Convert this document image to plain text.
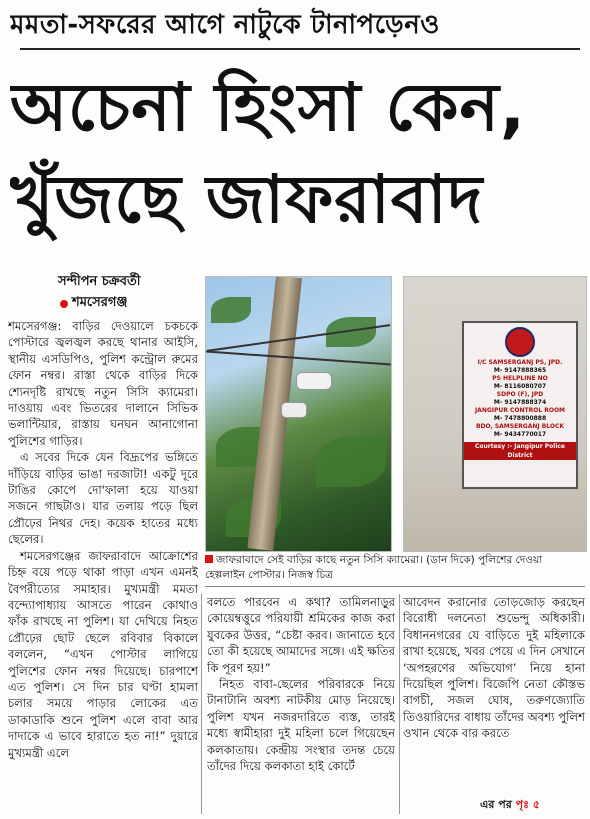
মমতা-সফরের আগে নাটুকে টানাপড়েনও
অচেনা হিংসা কেন,
খুঁজছে জাফরাবাদ
সন্দীপন চক্রবর্তী
শমসেরগঞ্জ

শমসেরগঞ্জ: বাড়ির দেওয়ালে চকচকে পোস্টারে জ্বলজ্বল করছে থানার আইসি, স্থানীয় এসডিপিও, পুলিশ কন্ট্রোল রুমের ফোন নম্বর। রাস্তা থেকে বাড়ির দিকে শ্যেনদৃষ্টি রাখছে নতুন সিসি ক্যামেরা। দাওয়ায় এবং ভিতরের দালানে সিভিক ভলান্টিয়ার, রাস্তায় ঘনঘন আনাগোনা পুলিশের গাড়ির।

এ সবের দিকে যেন বিদ্রূপের ভঙ্গিতে দাঁড়িয়ে বাড়ির ভাঙা দরজাটা! একটু দূরে টাঙির কোপে দো'ফালা হয়ে যাওয়া সজনে গাছটাও। যার তলায় পড়ে ছিল প্রৌঢ়ের নিথর দেহ। কয়েক হাতের মধ্যে ছেলের।

শমসেরগঞ্জের জাফরাবাদে আক্রোশের চিহ্ন বয়ে পড়ে থাকা পাড়া এখন এমনই বৈপরীত্যের সমাহার। মুখ্যমন্ত্রী মমতা বন্দ্যোপাধ্যায় আসতে পারেন কোথাও ফাঁক রাখছে না পুলিশ। যা দেখিয়ে নিহত প্রৌঢ়ের ছোট ছেলে রবিবার বিকালে বললেন, “এখন পোস্টার লাগিয়ে পুলিশের ফোন নম্বর দিয়েছে। চারপাশে এত পুলিশ। সে দিন চার ঘণ্টা হামলা চলার সময়ে পাড়ার লোকের এত ডাকাডাকি শুনে পুলিশ এলে বাবা আর দাদাকে এ ভাবে হারাতে হত না!” দুয়ারে মুখ্যমন্ত্রী এলে

I/C SAMSERGANJ PS, JPD.
M- 9147888365
PS HELPLINE NO
M- 8116080707
SDPO (F), JPD
M- 9147888374
JANGIPUR CONTROL ROOM
M- 7478800888
BDO, SAMSERGANJ BLOCK
M- 9434770017
Courtesy :- Jangipur Police District
জাফরাবাদে সেই বাড়ির কাছে নতুন সিসি ক্যামেরা। (ডান দিকে) পুলিশের দেওয়া হেল্পলাইন পোস্টার। নিজস্ব চিত্র

বলতে পারবেন এ কথা? তামিলনাড়ুর কোয়েম্বত্তুরে পরিযায়ী শ্রমিকের কাজ করা যুবকের উত্তর, “চেষ্টা করব। জানাতে হবে তো কী হয়েছে আমাদের সঙ্গে। এই ক্ষতির কি পূরণ হয়!”

নিহত বাবা-ছেলের পরিবারকে নিয়ে টানাটানি অবশ্য নাটকীয় মোড় নিয়েছে। পুলিশ যখন নজরদারিতে ব্যস্ত, তারই মধ্যে স্বামীহারা দুই মহিলা চলে গিয়েছেন কলকাতায়। কেন্দ্রীয় সংস্থার তদন্ত চেয়ে তাঁদের দিয়ে কলকাতা হাই কোর্টে

আবেদন করানোর তোড়জোড় করছেন বিরোধী দলনেতা শুভেন্দু অধিকারী। বিধাননগরের যে বাড়িতে দুই মহিলাকে রাখা হয়েছে, খবর পেয়ে এ দিন সেখানে ‘অপহরণের অভিযোগ’ নিয়ে হানা দিয়েছিল পুলিশ। বিজেপি নেতা কৌস্তভ বাগচী, সজল ঘোষ, তরুণজ্যোতি তিওয়ারিদের বাধায় তাঁদের অবশ্য পুলিশ ওখান থেকে বার করতে

এর পর পৃঃ ৫
